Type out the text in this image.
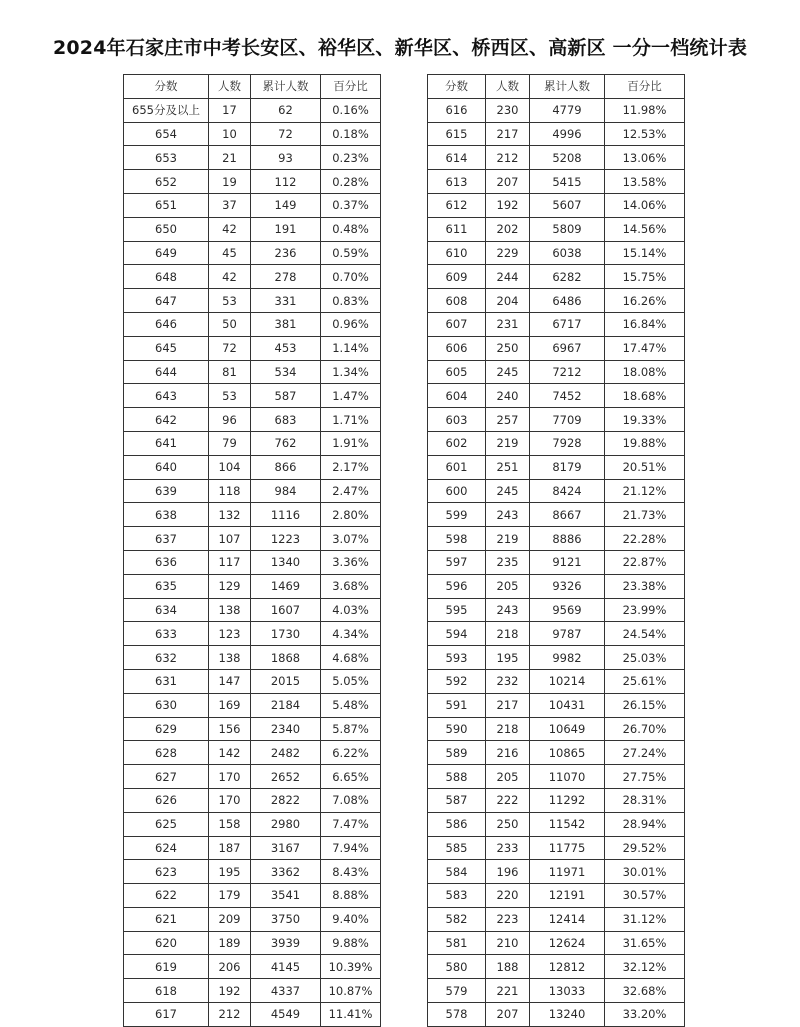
2024年石家庄市中考长安区、裕华区、新华区、桥西区、高新区 一分一档统计表
分数	人数	累计人数	百分比
655分及以上	17	62	0.16%
654	10	72	0.18%
653	21	93	0.23%
652	19	112	0.28%
651	37	149	0.37%
650	42	191	0.48%
649	45	236	0.59%
648	42	278	0.70%
647	53	331	0.83%
646	50	381	0.96%
645	72	453	1.14%
644	81	534	1.34%
643	53	587	1.47%
642	96	683	1.71%
641	79	762	1.91%
640	104	866	2.17%
639	118	984	2.47%
638	132	1116	2.80%
637	107	1223	3.07%
636	117	1340	3.36%
635	129	1469	3.68%
634	138	1607	4.03%
633	123	1730	4.34%
632	138	1868	4.68%
631	147	2015	5.05%
630	169	2184	5.48%
629	156	2340	5.87%
628	142	2482	6.22%
627	170	2652	6.65%
626	170	2822	7.08%
625	158	2980	7.47%
624	187	3167	7.94%
623	195	3362	8.43%
622	179	3541	8.88%
621	209	3750	9.40%
620	189	3939	9.88%
619	206	4145	10.39%
618	192	4337	10.87%
617	212	4549	11.41%
分数	人数	累计人数	百分比
616	230	4779	11.98%
615	217	4996	12.53%
614	212	5208	13.06%
613	207	5415	13.58%
612	192	5607	14.06%
611	202	5809	14.56%
610	229	6038	15.14%
609	244	6282	15.75%
608	204	6486	16.26%
607	231	6717	16.84%
606	250	6967	17.47%
605	245	7212	18.08%
604	240	7452	18.68%
603	257	7709	19.33%
602	219	7928	19.88%
601	251	8179	20.51%
600	245	8424	21.12%
599	243	8667	21.73%
598	219	8886	22.28%
597	235	9121	22.87%
596	205	9326	23.38%
595	243	9569	23.99%
594	218	9787	24.54%
593	195	9982	25.03%
592	232	10214	25.61%
591	217	10431	26.15%
590	218	10649	26.70%
589	216	10865	27.24%
588	205	11070	27.75%
587	222	11292	28.31%
586	250	11542	28.94%
585	233	11775	29.52%
584	196	11971	30.01%
583	220	12191	30.57%
582	223	12414	31.12%
581	210	12624	31.65%
580	188	12812	32.12%
579	221	13033	32.68%
578	207	13240	33.20%
